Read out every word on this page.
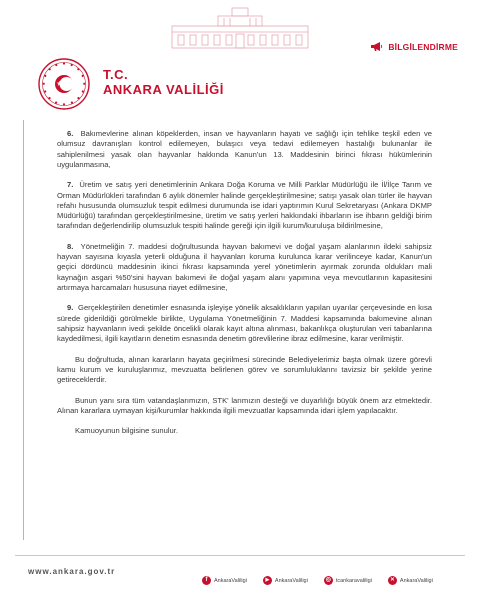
BİLGİLENDİRME
T.C.
ANKARA VALİLİĞİ

6. Bakımevlerine alınan köpeklerden, insan ve hayvanların hayatı ve sağlığı için tehlike teşkil eden ve olumsuz davranışları kontrol edilemeyen, bulaşıcı veya tedavi edilemeyen hastalığı bulunanlar ile sahiplenilmesi yasak olan hayvanlar hakkında Kanun'un 13. Maddesinin birinci fıkrası hükümlerinin uygulanmasına,

7. Üretim ve satış yeri denetimlerinin Ankara Doğa Koruma ve Milli Parklar Müdürlüğü ile İl/İlçe Tarım ve Orman Müdürlükleri tarafından 6 aylık dönemler halinde gerçekleştirilmesine; satışı yasak olan türler ile hayvan refahı hususunda olumsuzluk tespit edilmesi durumunda ise idari yaptırımın Kurul Sekretaryası (Ankara DKMP Müdürlüğü) tarafından gerçekleştirilmesine, üretim ve satış yerleri hakkındaki ihbarların ise ihbarın geldiği birim tarafından değerlendirilip olumsuzluk tespiti halinde gereği için ilgili kurum/kuruluşa bildirilmesine,

8. Yönetmeliğin 7. maddesi doğrultusunda hayvan bakımevi ve doğal yaşam alanlarının ildeki sahipsiz hayvan sayısına kıyasla yeterli olduğuna il hayvanları koruma kurulunca karar verilinceye kadar, Kanun'un geçici dördüncü maddesinin ikinci fıkrası kapsamında yerel yönetimlerin ayırmak zorunda oldukları mali kaynağın asgari %50'sini hayvan bakımevi ile doğal yaşam alanı yapımına veya mevcutlarının kapasitesini artırmaya harcamaları hususuna riayet edilmesine,

9. Gerçekleştirilen denetimler esnasında işleyişe yönelik aksaklıkların yapılan uyarılar çerçevesinde en kısa sürede giderildiği görülmekle birlikte, Uygulama Yönetmeliğinin 7. Maddesi kapsamında bakımevine alınan sahipsiz hayvanların ivedi şekilde öncelikli olarak kayıt altına alınması, bakanlıkça oluşturulan veri tabanlarına kaydedilmesi, ilgili kayıtların denetim esnasında denetim görevlilerine ibraz edilmesine, karar verilmiştir.

Bu doğrultuda, alınan kararların hayata geçirilmesi sürecinde Belediyelerimiz başta olmak üzere görevli kamu kurum ve kuruluşlarımız, mevzuatta belirlenen görev ve sorumluluklarını tavizsiz bir şekilde yerine getireceklerdir.

Bunun yanı sıra tüm vatandaşlarımızın, STK' larımızın desteği ve duyarlılığı büyük önem arz etmektedir. Alınan kararlara uymayan kişi/kurumlar hakkında ilgili mevzuatlar kapsamında idari işlem yapılacaktır.

Kamuoyunun bilgisine sunulur.

www.ankara.gov.tr
f	AnkaraValiligi	▶	AnkaraValiligi	◎ tcankaravaliligi	✕ AnkaraValiligi
